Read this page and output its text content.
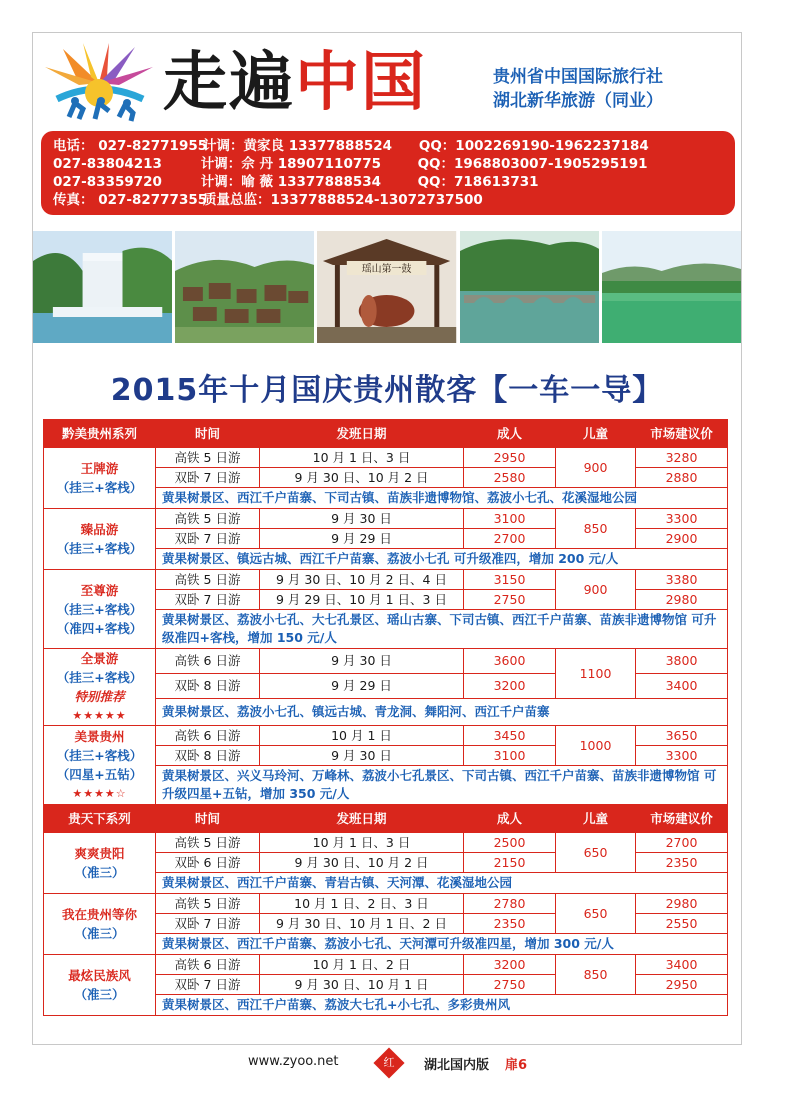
走遍中国	贵州省中国国际旅行社
湖北新华旅游（同业）
电话： 027-82771955
计调：黄家良 13377888524	QQ：1002269190-1962237184
027-83804213	计调：佘 丹 18907110775	QQ：1968803007-1905295191
027-83359720	计调：喻 薇 13377888534	QQ：718613731
传真： 027-82777355
质量总监：13377888524-13072737500
瑶山第一鼓
2015年十月国庆贵州散客【一车一导】
黔美贵州系列	时间	发班日期	成人	儿童	市场建议价
王牌游
（挂三+客栈）	高铁 5 日游	10 月 1 日、3 日	2950	900	3280
	双卧 7 日游	9 月 30 日、10 月 2 日	2580		2880
	黄果树景区、西江千户苗寨、下司古镇、苗族非遗博物馆、荔波小七孔、花溪湿地公园				
臻品游
（挂三+客栈）	高铁 5 日游	9 月 30 日	3100	850	3300
	双卧 7 日游	9 月 29 日	2700		2900
	黄果树景区、镇远古城、西江千户苗寨、荔波小七孔 可升级准四，增加 200 元/人				
至尊游
（挂三+客栈）
（准四+客栈）	高铁 5 日游	9 月 30 日、10 月 2 日、4 日	3150	900	3380
	双卧 7 日游	9 月 29 日、10 月 1 日、3 日	2750		2980
	黄果树景区、荔波小七孔、大七孔景区、瑶山古寨、下司古镇、西江千户苗寨、苗族非遗博物馆 可升级准四+客栈，增加 150 元/人				
全景游
（挂三+客栈）
特别推荐
★★★★★	高铁 6 日游	9 月 30 日	3600	1100	3800
	双卧 8 日游	9 月 29 日	3200		3400
	黄果树景区、荔波小七孔、镇远古城、青龙洞、舞阳河、西江千户苗寨				
美景贵州
（挂三+客栈）
（四星+五钻）
★★★★☆	高铁 6 日游	10 月 1 日	3450	1000	3650
	双卧 8 日游	9 月 30 日	3100		3300
	黄果树景区、兴义马玲河、万峰林、荔波小七孔景区、下司古镇、西江千户苗寨、苗族非遗博物馆 可升级四星+五钻，增加 350 元/人				
贵天下系列	时间	发班日期	成人	儿童	市场建议价
爽爽贵阳
（准三）	高铁 5 日游	10 月 1 日、3 日	2500	650	2700
	双卧 6 日游	9 月 30 日、10 月 2 日	2150		2350
	黄果树景区、西江千户苗寨、青岩古镇、天河潭、花溪湿地公园				
我在贵州等你
（准三）	高铁 5 日游	10 月 1 日、2 日、3 日	2780	650	2980
	双卧 7 日游	9 月 30 日、10 月 1 日、2 日	2350		2550
	黄果树景区、西江千户苗寨、荔波小七孔、天河潭可升级准四星，增加 300 元/人				
最炫民族风
（准三）	高铁 6 日游	10 月 1 日、2 日	3200	850	3400
	双卧 7 日游	9 月 30 日、10 月 1 日	2750		2950
	黄果树景区、西江千户苗寨、荔波大七孔+小七孔、多彩贵州风				
www.zyoo.net	红	湖北国内版 扉6
